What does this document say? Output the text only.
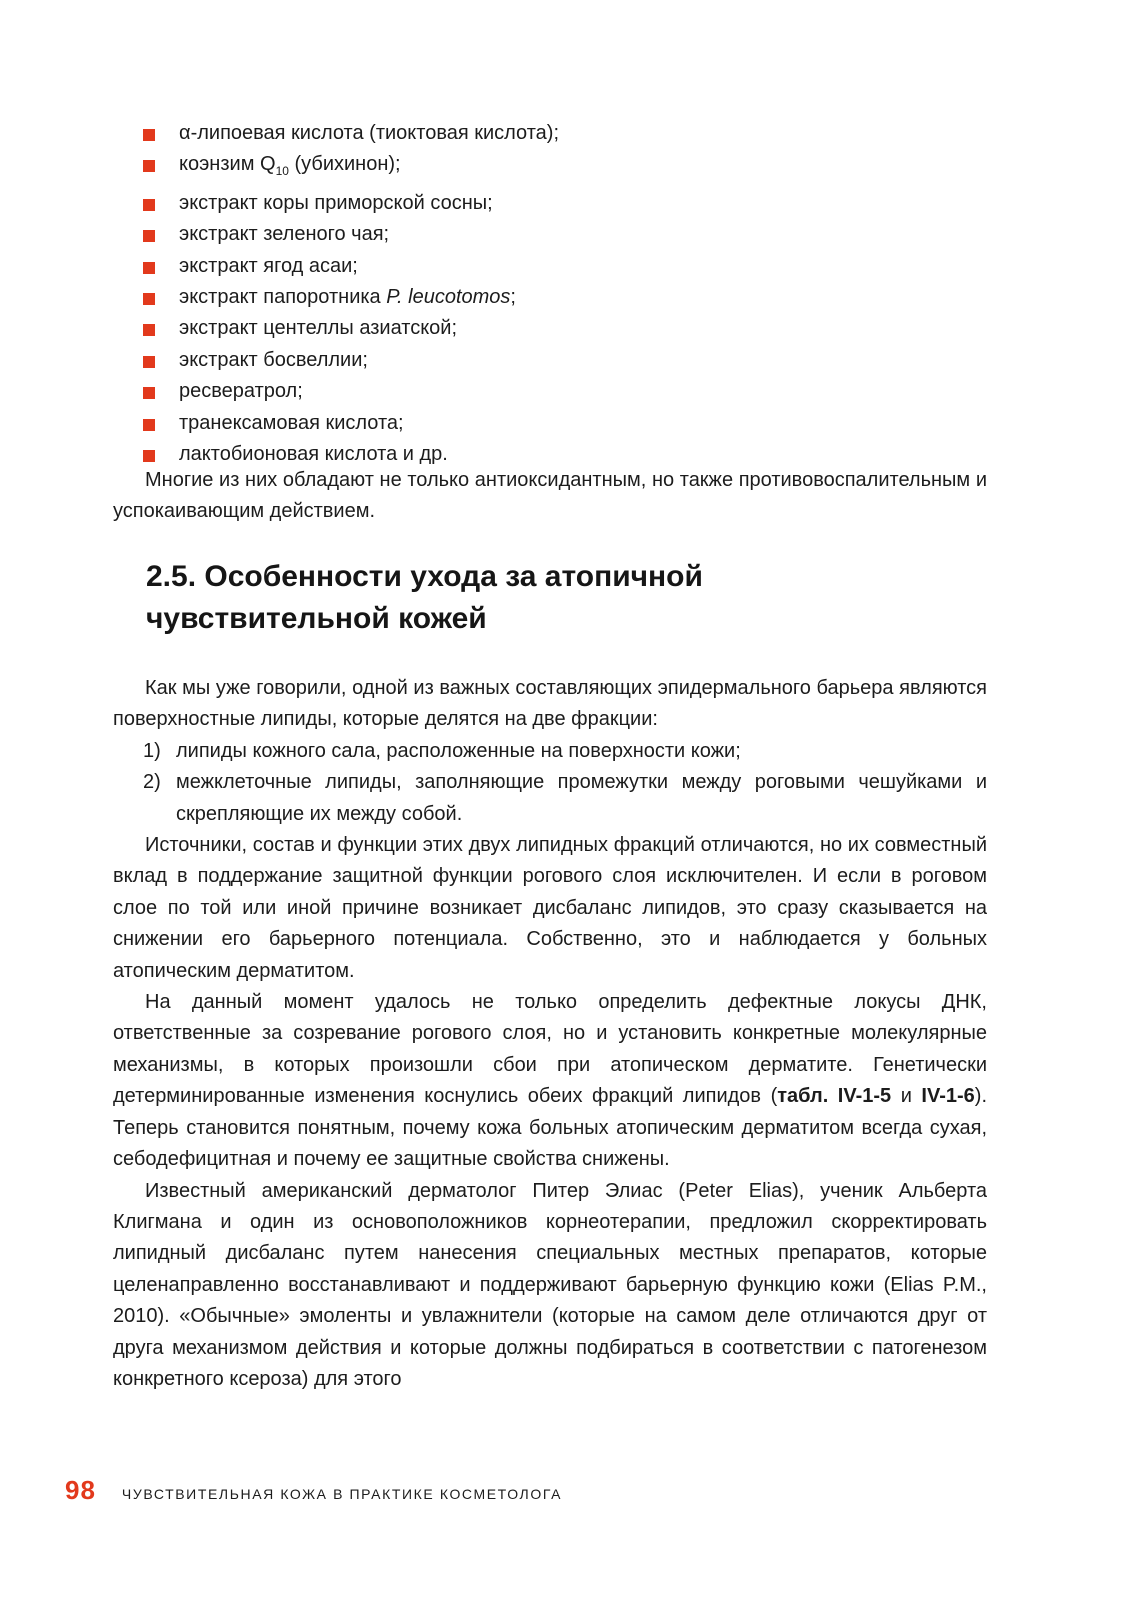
α-липоевая кислота (тиоктовая кислота);
коэнзим $Q_{10}$ (убихинон);
экстракт коры приморской сосны;
экстракт зеленого чая;
экстракт ягод асаи;
экстракт папоротника P. leucotomos;
экстракт центеллы азиатской;
экстракт босвеллии;
ресвератрол;
транексамовая кислота;
лактобионовая кислота и др.

Многие из них обладают не только антиоксидантным, но также противовоспалительным и успокаивающим действием.

2.5. Особенности ухода за атопичной
чувствительной кожей

Как мы уже говорили, одной из важных составляющих эпидермального барьера являются поверхностные липиды, которые делятся на две фракции:

1) липиды кожного сала, расположенные на поверхности кожи;
2) межклеточные липиды, заполняющие промежутки между роговыми чешуйками и скрепляющие их между собой.

Источники, состав и функции этих двух липидных фракций отличаются, но их совместный вклад в поддержание защитной функции рогового слоя исключителен. И если в роговом слое по той или иной причине возникает дисбаланс липидов, это сразу сказывается на снижении его барьерного потенциала. Собственно, это и наблюдается у больных атопическим дерматитом.

На данный момент удалось не только определить дефектные локусы ДНК, ответственные за созревание рогового слоя, но и установить конкретные молекулярные механизмы, в которых произошли сбои при атопическом дерматите. Генетически детерминированные изменения коснулись обеих фракций липидов (табл. IV-1-5 и IV-1-6). Теперь становится понятным, почему кожа больных атопическим дерматитом всегда сухая, себодефицитная и почему ее защитные свойства снижены.

Известный американский дерматолог Питер Элиас (Peter Elias), ученик Альберта Клигмана и один из основоположников корнеотерапии, предложил скорректировать липидный дисбаланс путем нанесения специальных местных препаратов, которые целенаправленно восстанавливают и поддерживают барьерную функцию кожи (Elias P.M., 2010). «Обычные» эмоленты и увлажнители (которые на самом деле отличаются друг от друга механизмом действия и которые должны подбираться в соответствии с патогенезом конкретного ксероза) для этого

98 ЧУВСТВИТЕЛЬНАЯ КОЖА В ПРАКТИКЕ КОСМЕТОЛОГА
